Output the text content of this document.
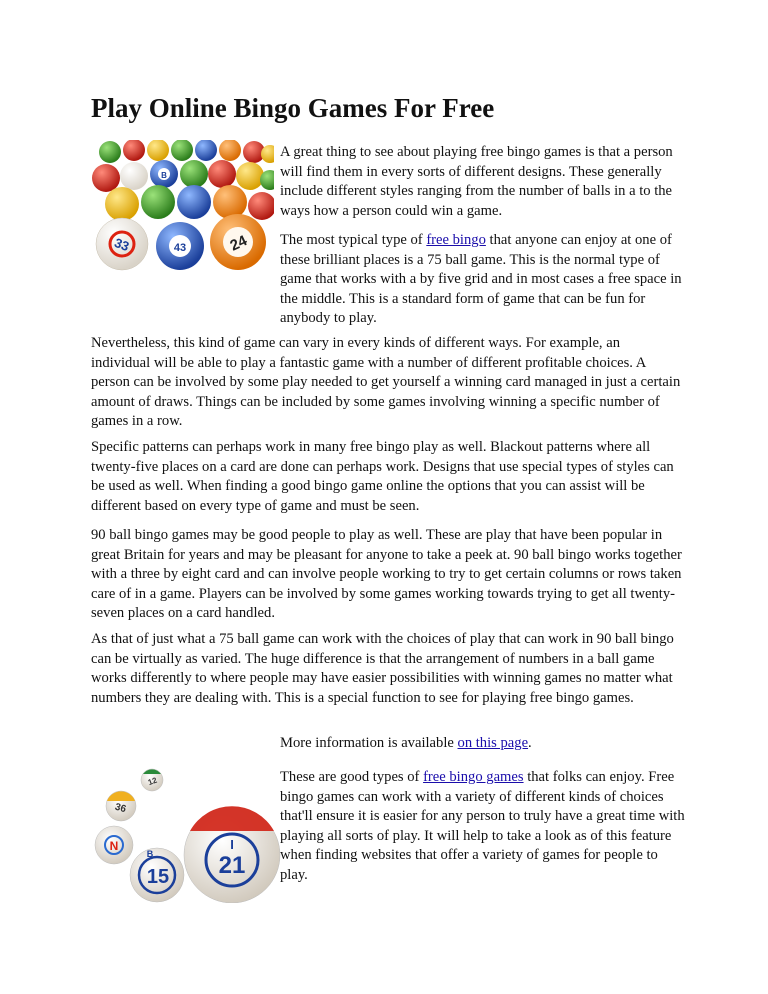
Play Online Bingo Games For Free
33	24
43
B

A great thing to see about playing free bingo games is that a person will find them in every sorts of different designs. These generally include different styles ranging from the number of balls in a to the ways how a person could win a game.

The most typical type of free bingo that anyone can enjoy at one of these brilliant places is a 75 ball game. This is the normal type of game that works with a by five grid and in most cases a free space in the middle. This is a standard form of game that can be fun for anybody to play.

Nevertheless, this kind of game can vary in every kinds of different ways. For example, an individual will be able to play a fantastic game with a number of different profitable choices. A person can be involved by some play needed to get yourself a winning card managed in just a certain amount of draws. Things can be included by some games involving winning a specific number of games in a row.

Specific patterns can perhaps work in many free bingo play as well. Blackout patterns where all twenty-five places on a card are done can perhaps work. Designs that use special types of styles can be used as well. When finding a good bingo game online the options that you can assist will be different based on every type of game and must be seen.

90 ball bingo games may be good people to play as well. These are play that have been popular in great Britain for years and may be pleasant for anyone to take a peek at. 90 ball bingo works together with a three by eight card and can involve people working to try to get certain columns or rows taken care of in a game. Players can be involved by some games working towards trying to get all twenty-seven places on a card handled.

As that of just what a 75 ball game can work with the choices of play that can work in 90 ball bingo can be virtually as varied. The huge difference is that the arrangement of numbers in a ball game works differently to where people may have easier possibilities with winning games no matter what numbers they are dealing with. This is a special function to see for playing free bingo games.

More information is available on this page.

These are good types of free bingo games that folks can enjoy. Free bingo games can work with a variety of different kinds of choices that'll ensure it is easier for any person to truly have a great time with playing all sorts of play. It will help to take a look as of this feature when finding websites that offer a variety of games for people to play.

12
36
N
B
15
I
21
